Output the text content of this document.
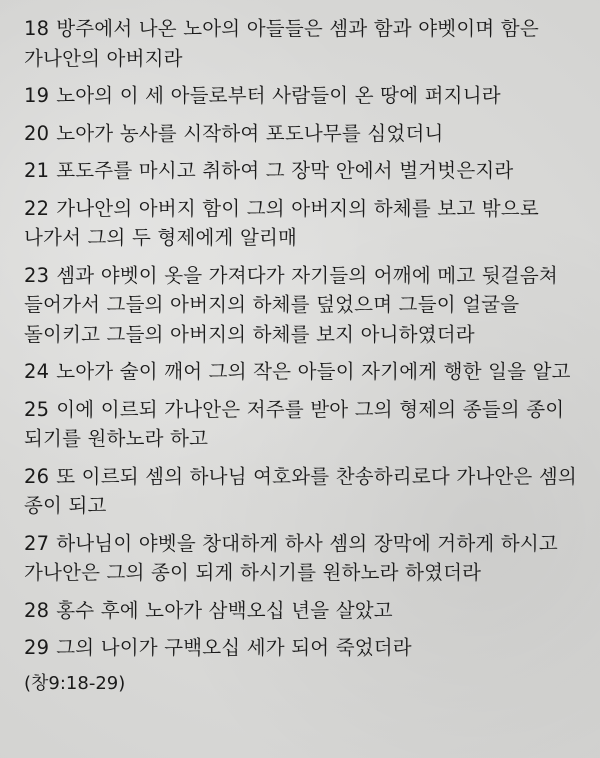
18 방주에서 나온 노아의 아들들은 셈과 함과 야벳이며 함은 가나안의 아버지라

19 노아의 이 세 아들로부터 사람들이 온 땅에 퍼지니라

20 노아가 농사를 시작하여 포도나무를 심었더니

21 포도주를 마시고 취하여 그 장막 안에서 벌거벗은지라

22 가나안의 아버지 함이 그의 아버지의 하체를 보고 밖으로 나가서 그의 두 형제에게 알리매

23 셈과 야벳이 옷을 가져다가 자기들의 어깨에 메고 뒷걸음쳐 들어가서 그들의 아버지의 하체를 덮었으며 그들이 얼굴을 돌이키고 그들의 아버지의 하체를 보지 아니하였더라

24 노아가 술이 깨어 그의 작은 아들이 자기에게 행한 일을 알고

25 이에 이르되 가나안은 저주를 받아 그의 형제의 종들의 종이 되기를 원하노라 하고

26 또 이르되 셈의 하나님 여호와를 찬송하리로다 가나안은 셈의 종이 되고

27 하나님이 야벳을 창대하게 하사 셈의 장막에 거하게 하시고 가나안은 그의 종이 되게 하시기를 원하노라 하였더라

28 홍수 후에 노아가 삼백오십 년을 살았고

29 그의 나이가 구백오십 세가 되어 죽었더라

(창9:18-29)
